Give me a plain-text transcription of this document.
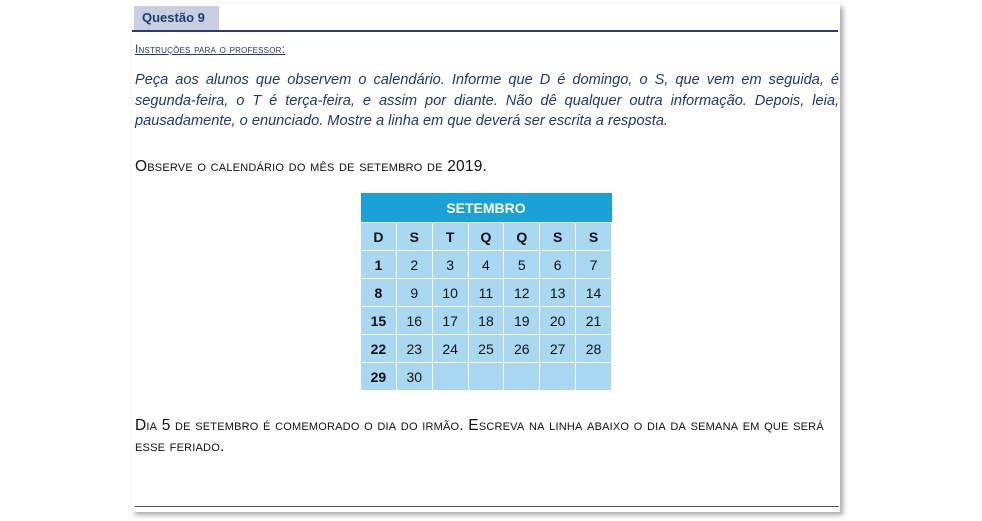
Questão 9
Instruções para o professor:
Peça aos alunos que observem o calendário. Informe que D é domingo, o S, que vem em seguida, é segunda-feira, o T é terça-feira, e assim por diante. Não dê qualquer outra informação. Depois, leia, pausadamente, o enunciado. Mostre a linha em que deverá ser escrita a resposta.
Observe o calendário do mês de setembro de 2019.
SETEMBRO						
D	S	T	Q	Q	S	S
1	2	3	4	5	6	7
8	9	10	11	12	13	14
15	16	17	18	19	20	21
22	23	24	25	26	27	28
29	30					
Dia 5 de setembro é comemorado o dia do irmão. Escreva na linha abaixo o dia da semana em que será esse feriado.
